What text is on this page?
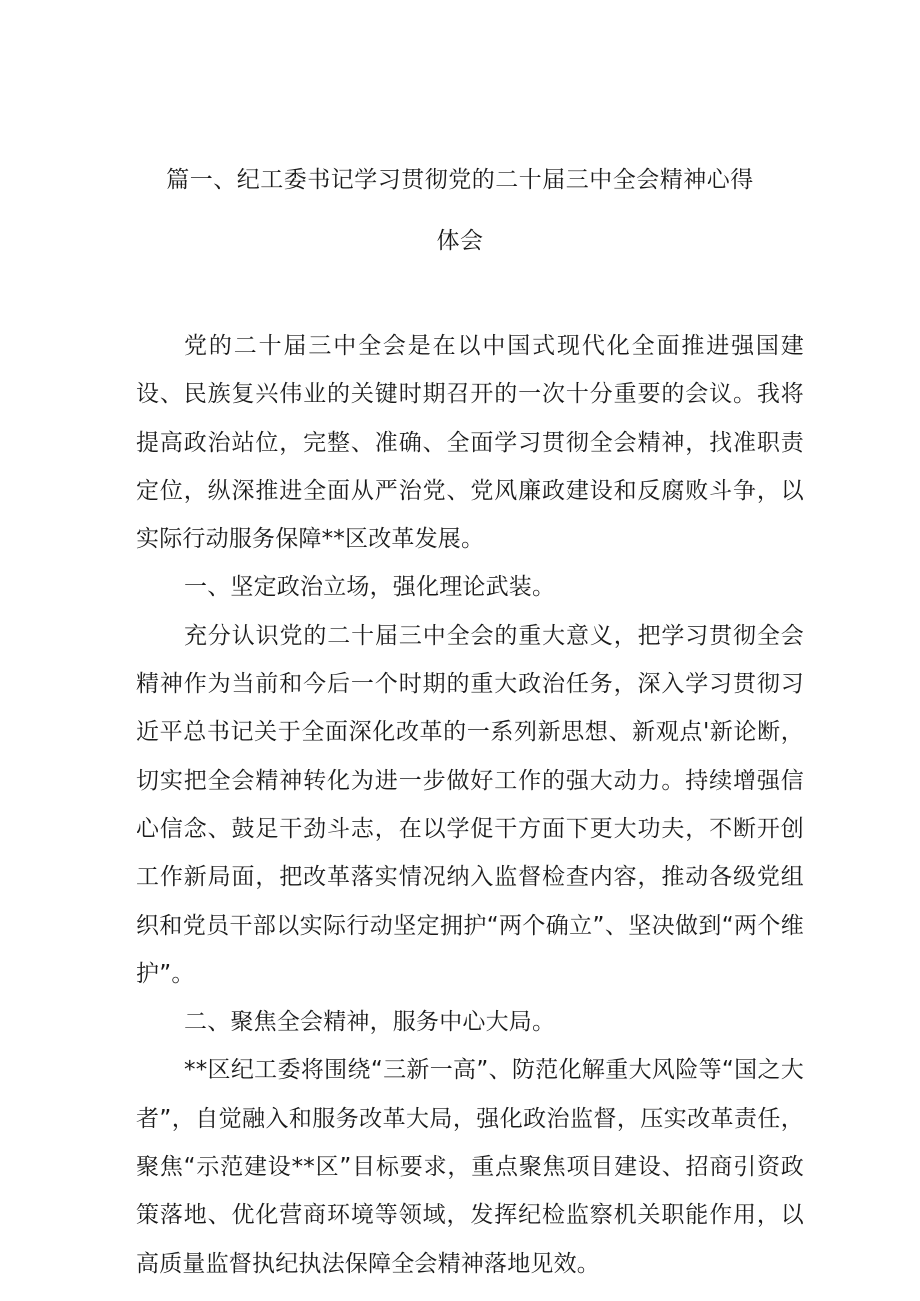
篇一、纪工委书记学习贯彻党的二十届三中全会精神心得
体会

党的二十届三中全会是在以中国式现代化全面推进强国建设、民族复兴伟业的关键时期召开的一次十分重要的会议。我将提高政治站位，完整、准确、全面学习贯彻全会精神，找准职责定位，纵深推进全面从严治党、党风廉政建设和反腐败斗争，以实际行动服务保障**区改革发展。

一、坚定政治立场，强化理论武装。

充分认识党的二十届三中全会的重大意义，把学习贯彻全会精神作为当前和今后一个时期的重大政治任务，深入学习贯彻习近平总书记关于全面深化改革的一系列新思想、新观点'新论断，切实把全会精神转化为进一步做好工作的强大动力。持续增强信心信念、鼓足干劲斗志，在以学促干方面下更大功夫，不断开创工作新局面，把改革落实情况纳入监督检查内容，推动各级党组织和党员干部以实际行动坚定拥护“两个确立”、坚决做到“两个维护”。

二、聚焦全会精神，服务中心大局。

**区纪工委将围绕“三新一高”、防范化解重大风险等“国之大者”，自觉融入和服务改革大局，强化政治监督，压实改革责任，聚焦“示范建设**区”目标要求，重点聚焦项目建设、招商引资政策落地、优化营商环境等领域，发挥纪检监察机关职能作用，以高质量监督执纪执法保障全会精神落地见效。
